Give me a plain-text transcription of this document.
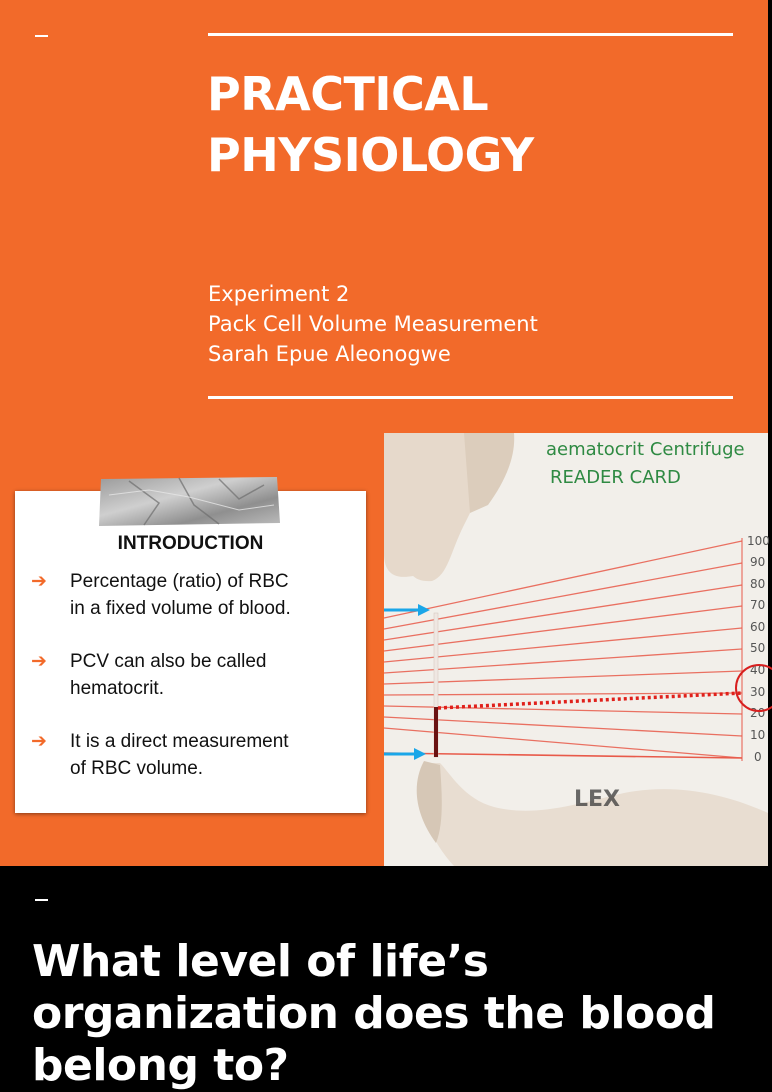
PRACTICAL
PHYSIOLOGY
Experiment 2
Pack Cell Volume Measurement
Sarah Epue Aleonogwe
INTRODUCTION
➔ Percentage (ratio) of RBC
in a fixed volume of blood.
➔ PCV can also be called
hematocrit.
➔ It is a direct measurement
of RBC volume.
aematocrit Centrifuge
READER CARD
100
90
80
70
60
50
40
30
20
10
0
LEX
What level of life’s organization does the blood belong to?
